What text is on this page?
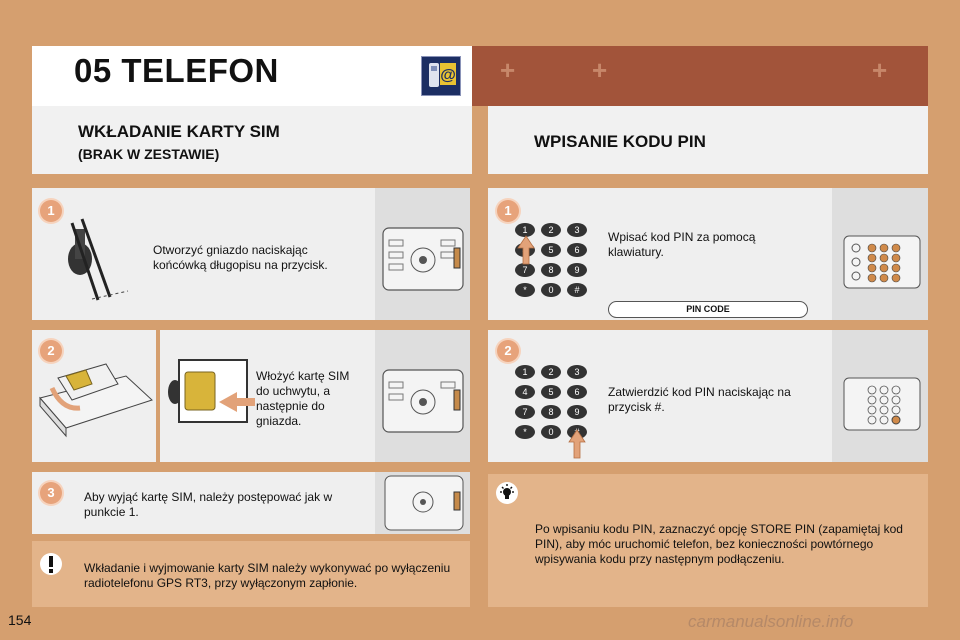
+	+	+
05 TELEFON	@
WKŁADANIE KARTY SIM
(BRAK W ZESTAWIE)
WPISANIE KODU PIN
1
Otworzyć gniazdo naciskając końcówką długopisu na przycisk.
2
Włożyć kartę SIM do uchwytu, a następnie do gniazda.
3	Aby wyjąć kartę SIM, należy postępować jak w punkcie 1.
Wkładanie i wyjmowanie karty SIM należy wykonywać po wyłączeniu radiotelefonu GPS RT3, przy wyłączonym zapłonie.
1
1 2 3
5 6
7 8 9
* 0 #
Wpisać kod PIN za pomocą klawiatury.
PIN CODE
2
1 2 3
4 5 6
7 8 9
* 0
Zatwierdzić kod PIN naciskając na przycisk #.
Po wpisaniu kodu PIN, zaznaczyć opcję STORE PIN (zapamiętaj kod PIN), aby móc uruchomić telefon, bez konieczności powtórnego wpisywania kodu przy następnym podłączeniu.
154	carmanualsonline.info
